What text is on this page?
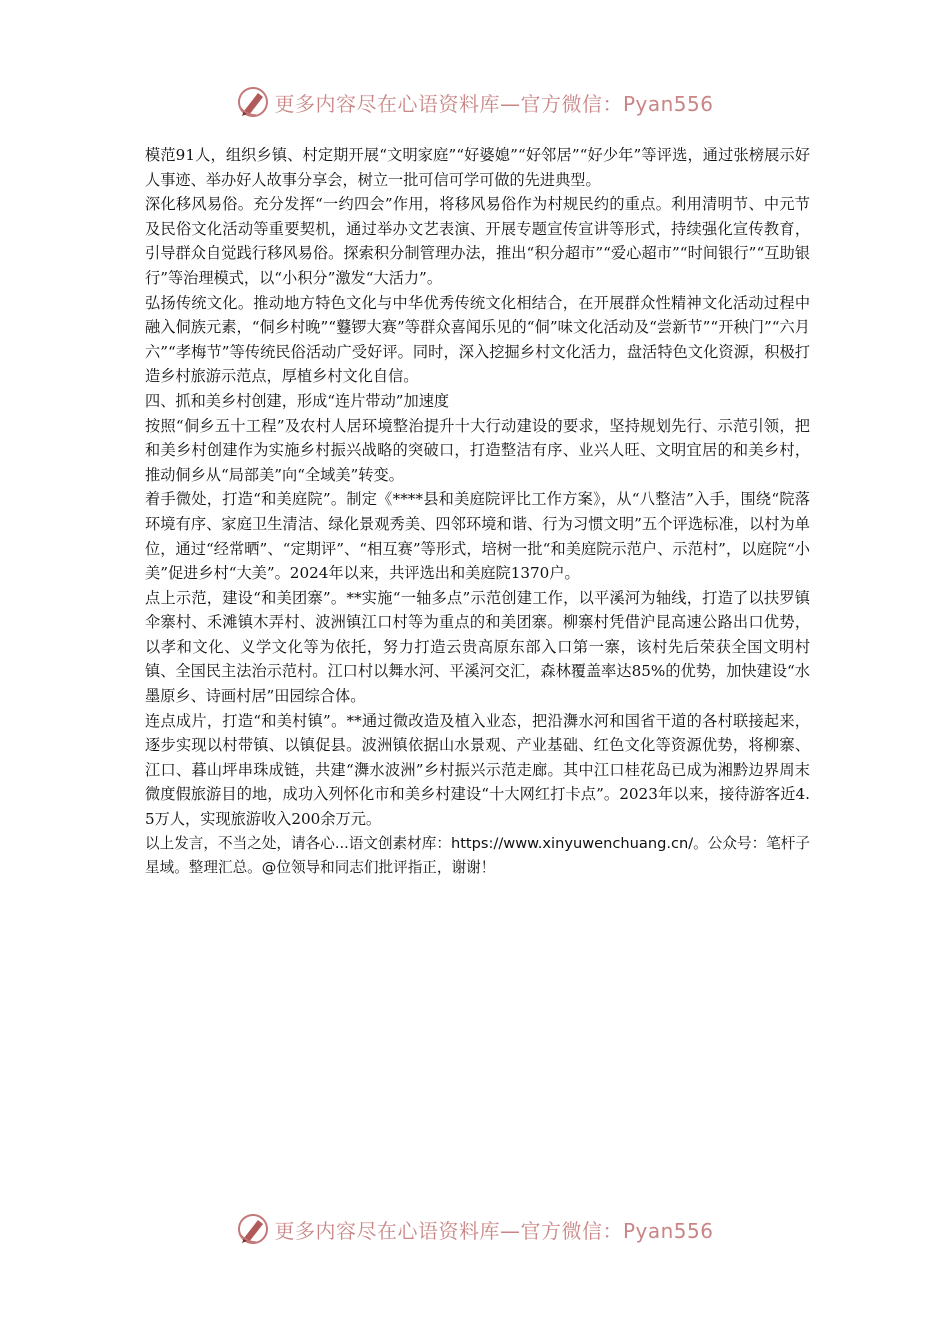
更多内容尽在心语资料库—官方微信：Pyan556

模范91人，组织乡镇、村定期开展“文明家庭”“好婆媳”“好邻居”“好少年”等评选，通过张榜展示好人事迹、举办好人故事分享会，树立一批可信可学可做的先进典型。

深化移风易俗。充分发挥“一约四会”作用，将移风易俗作为村规民约的重点。利用清明节、中元节及民俗文化活动等重要契机，通过举办文艺表演、开展专题宣传宣讲等形式，持续强化宣传教育，引导群众自觉践行移风易俗。探索积分制管理办法，推出“积分超市”“爱心超市”“时间银行”“互助银行”等治理模式，以“小积分”激发“大活力”。

弘扬传统文化。推动地方特色文化与中华优秀传统文化相结合，在开展群众性精神文化活动过程中融入侗族元素，“侗乡村晚”“鼟锣大赛”等群众喜闻乐见的“侗”味文化活动及“尝新节”“开秧门”“六月六”“孝梅节”等传统民俗活动广受好评。同时，深入挖掘乡村文化活力，盘活特色文化资源，积极打造乡村旅游示范点，厚植乡村文化自信。

四、抓和美乡村创建，形成“连片带动”加速度

按照“侗乡五十工程”及农村人居环境整治提升十大行动建设的要求，坚持规划先行、示范引领，把和美乡村创建作为实施乡村振兴战略的突破口，打造整洁有序、业兴人旺、文明宜居的和美乡村，推动侗乡从“局部美”向“全域美”转变。

着手微处，打造“和美庭院”。制定《****县和美庭院评比工作方案》，从“八整洁”入手，围绕“院落环境有序、家庭卫生清洁、绿化景观秀美、四邻环境和谐、行为习惯文明”五个评选标准，以村为单位，通过“经常晒”、“定期评”、“相互赛”等形式，培树一批“和美庭院示范户、示范村”，以庭院“小美”促进乡村“大美”。2024年以来，共评选出和美庭院1370户。

点上示范，建设“和美团寨”。**实施“一轴多点”示范创建工作，以平溪河为轴线，打造了以扶罗镇伞寨村、禾滩镇木弄村、波洲镇江口村等为重点的和美团寨。柳寨村凭借沪昆高速公路出口优势，以孝和文化、义学文化等为依托，努力打造云贵高原东部入口第一寨，该村先后荣获全国文明村镇、全国民主法治示范村。江口村以舞水河、平溪河交汇，森林覆盖率达85%的优势，加快建设“水墨原乡、诗画村居”田园综合体。

连点成片，打造“和美村镇”。**通过微改造及植入业态，把沿㵲水河和国省干道的各村联接起来，逐步实现以村带镇、以镇促县。波洲镇依据山水景观、产业基础、红色文化等资源优势，将柳寨、江口、暮山坪串珠成链，共建“㵲水波洲”乡村振兴示范走廊。其中江口桂花岛已成为湘黔边界周末微度假旅游目的地，成功入列怀化市和美乡村建设“十大网红打卡点”。2023年以来，接待游客近4.5万人，实现旅游收入200余万元。

以上发言，不当之处，请各心...语文创素材库：https://www.xinyuwenchuang.cn/。公众号：笔杆子星域。整理汇总。@位领导和同志们批评指正，谢谢！

更多内容尽在心语资料库—官方微信：Pyan556
